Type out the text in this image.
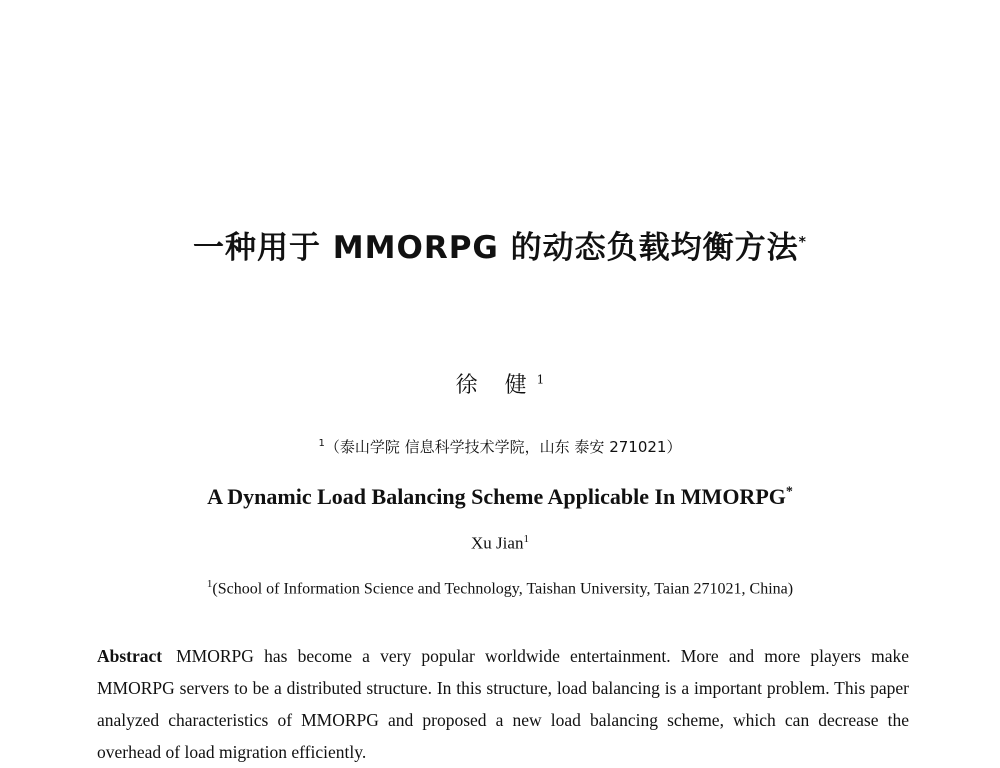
一种用于 MMORPG 的动态负载均衡方法*
徐 健$^1$
$^1$（泰山学院 信息科学技术学院，山东 泰安 271021）
A Dynamic Load Balancing Scheme Applicable In MMORPG*
Xu Jian$^1$
$^1$(School of Information Science and Technology, Taishan University, Taian 271021, China)

Abstract MMORPG has become a very popular worldwide entertainment. More and more players make MMORPG servers to be a distributed structure. In this structure, load balancing is a important problem. This paper analyzed characteristics of MMORPG and proposed a new load balancing scheme, which can decrease the overhead of load migration efficiently.
